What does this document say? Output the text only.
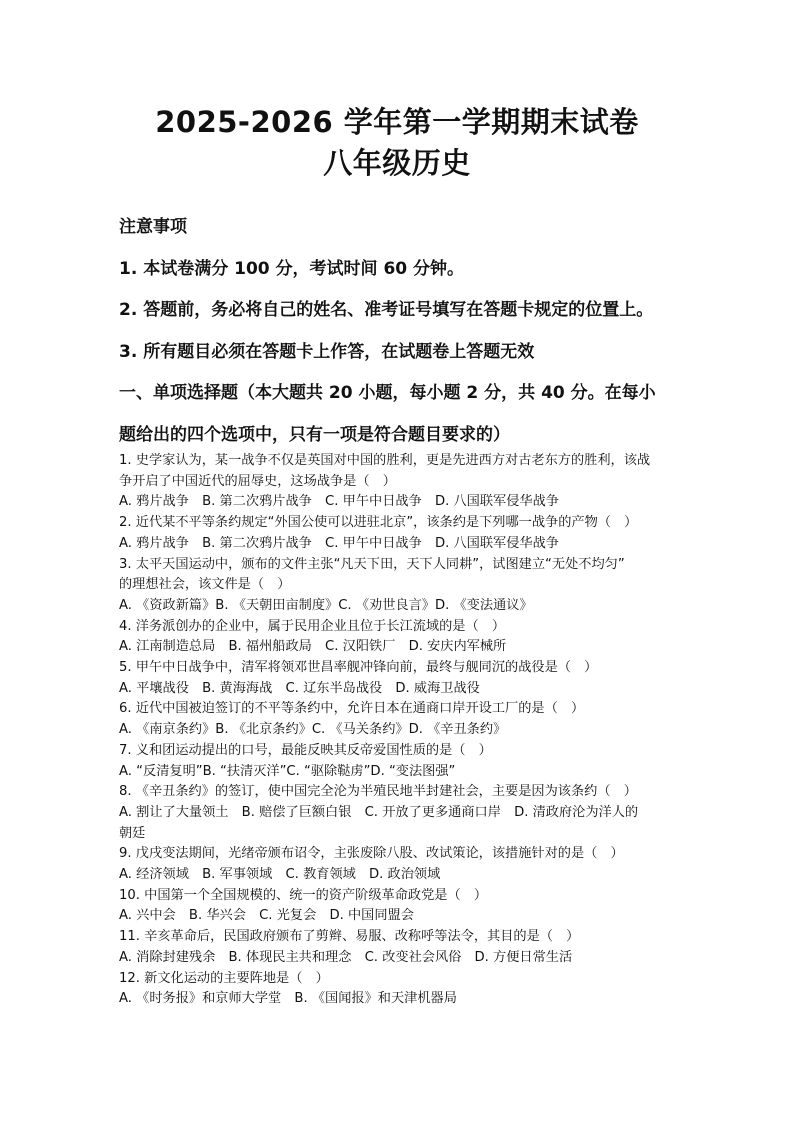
2025-2026 学年第一学期期末试卷
八年级历史
注意事项
1. 本试卷满分 100 分，考试时间 60 分钟。
2. 答题前，务必将自己的姓名、准考证号填写在答题卡规定的位置上。
3. 所有题目必须在答题卡上作答，在试题卷上答题无效
一、单项选择题（本大题共 20 小题，每小题 2 分，共 40 分。在每小
题给出的四个选项中，只有一项是符合题目要求的）
1. 史学家认为，某一战争不仅是英国对中国的胜利，更是先进西方对古老东方的胜利，该战
争开启了中国近代的屈辱史，这场战争是（　）
A. 鸦片战争　B. 第二次鸦片战争　C. 甲午中日战争　D. 八国联军侵华战争
2. 近代某不平等条约规定“外国公使可以进驻北京”，该条约是下列哪一战争的产物（　）
A. 鸦片战争　B. 第二次鸦片战争　C. 甲午中日战争　D. 八国联军侵华战争
3. 太平天国运动中，颁布的文件主张“凡天下田，天下人同耕”，试图建立“无处不均匀”
的理想社会，该文件是（　）
A. 《资政新篇》B. 《天朝田亩制度》C. 《劝世良言》D. 《变法通议》
4. 洋务派创办的企业中，属于民用企业且位于长江流域的是（　）
A. 江南制造总局　B. 福州船政局　C. 汉阳铁厂　D. 安庆内军械所
5. 甲午中日战争中，清军将领邓世昌率舰冲锋向前，最终与舰同沉的战役是（　）
A. 平壤战役　B. 黄海海战　C. 辽东半岛战役　D. 威海卫战役
6. 近代中国被迫签订的不平等条约中，允许日本在通商口岸开设工厂的是（　）
A. 《南京条约》B. 《北京条约》C. 《马关条约》D. 《辛丑条约》
7. 义和团运动提出的口号，最能反映其反帝爱国性质的是（　）
A. “反清复明”B. “扶清灭洋”C. “驱除鞑虏”D. “变法图强”
8. 《辛丑条约》的签订，使中国完全沦为半殖民地半封建社会，主要是因为该条约（　）
A. 割让了大量领土　B. 赔偿了巨额白银　C. 开放了更多通商口岸　D. 清政府沦为洋人的
朝廷
9. 戊戌变法期间，光绪帝颁布诏令，主张废除八股、改试策论，该措施针对的是（　）
A. 经济领域　B. 军事领域　C. 教育领域　D. 政治领域
10. 中国第一个全国规模的、统一的资产阶级革命政党是（　）
A. 兴中会　B. 华兴会　C. 光复会　D. 中国同盟会
11. 辛亥革命后，民国政府颁布了剪辫、易服、改称呼等法令，其目的是（　）
A. 消除封建残余　B. 体现民主共和理念　C. 改变社会风俗　D. 方便日常生活
12. 新文化运动的主要阵地是（　）
A. 《时务报》和京师大学堂　B. 《国闻报》和天津机器局
